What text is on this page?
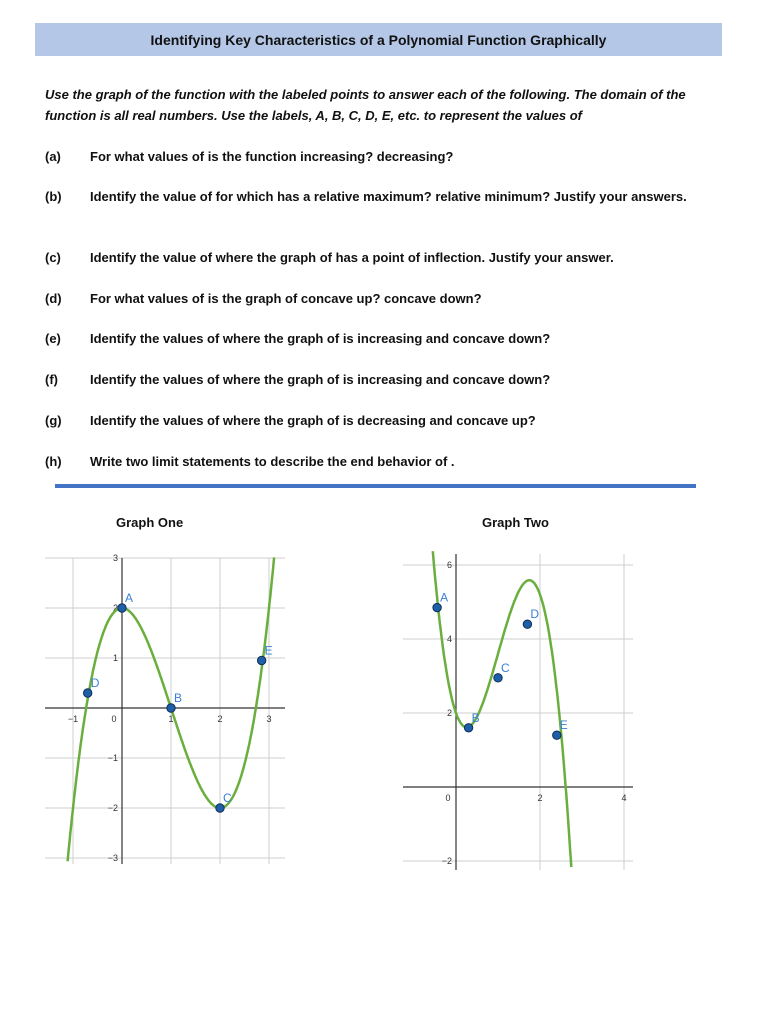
Identifying Key Characteristics of a Polynomial Function Graphically
Use the graph of the function with the labeled points to answer each of the following. The domain of the function is all real numbers. Use the labels, A, B, C, D, E, etc. to represent the values of
(a)	For what values of is the function increasing? decreasing?
(b)	Identify the value of for which has a relative maximum? relative minimum? Justify your answers.
(c)	Identify the value of where the graph of has a point of inflection. Justify your answer.
(d)	For what values of is the graph of concave up? concave down?
(e)	Identify the values of where the graph of is increasing and concave down?
(f)	Identify the values of where the graph of is increasing and concave down?
(g)	Identify the values of where the graph of is decreasing and concave up?
(h)	Write two limit statements to describe the end behavior of .
Graph One	Graph Two
−1	0	1	2	3
3
2
1
−1
−2
−3
A
B
C
D
E
0	2	4
6
4
2
−2
A
B
C
D
E
